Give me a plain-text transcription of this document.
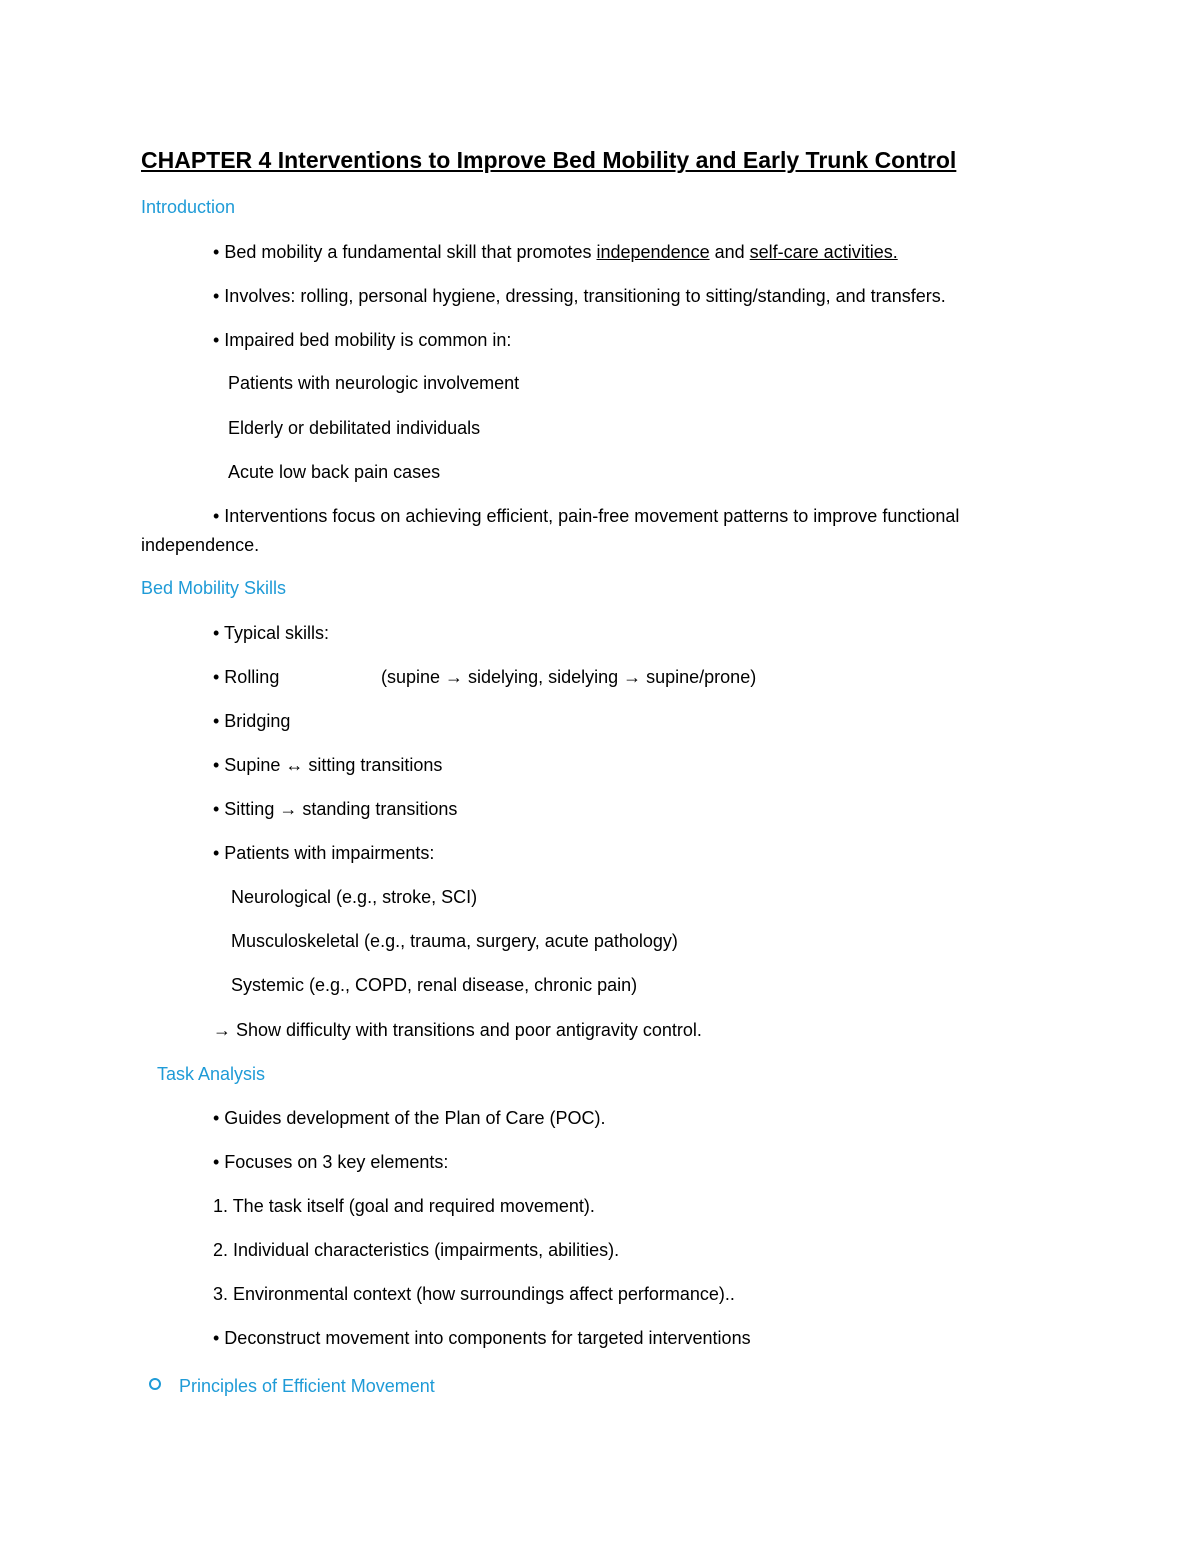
CHAPTER 4 Interventions to Improve Bed Mobility and Early Trunk Control
Introduction
• Bed mobility a fundamental skill that promotes independence and self-care activities.
• Involves: rolling, personal hygiene, dressing, transitioning to sitting/standing, and transfers.
• Impaired bed mobility is common in:
Patients with neurologic involvement
Elderly or debilitated individuals
Acute low back pain cases
• Interventions focus on achieving efficient, pain-free movement patterns to improve functional
independence.
Bed Mobility Skills
• Typical skills:
• Rolling	(supine → sidelying, sidelying → supine/prone)
• Bridging
• Supine ↔ sitting transitions
• Sitting → standing transitions
• Patients with impairments:
Neurological (e.g., stroke, SCI)
Musculoskeletal (e.g., trauma, surgery, acute pathology)
Systemic (e.g., COPD, renal disease, chronic pain)
→ Show difficulty with transitions and poor antigravity control.
Task Analysis
• Guides development of the Plan of Care (POC).
• Focuses on 3 key elements:
1. The task itself (goal and required movement).
2. Individual characteristics (impairments, abilities).
3. Environmental context (how surroundings affect performance)..
• Deconstruct movement into components for targeted interventions
Principles of Efficient Movement
